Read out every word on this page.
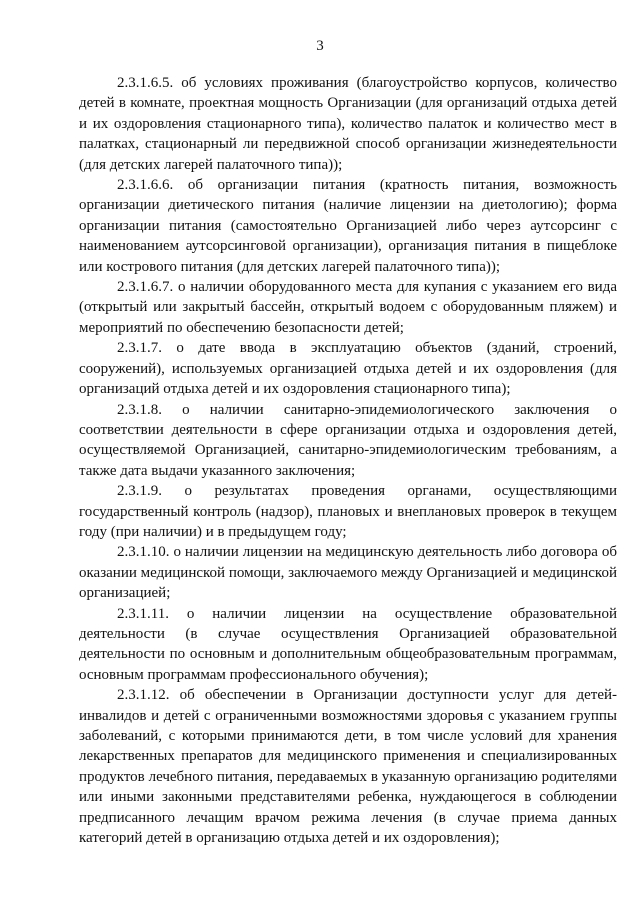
3

2.3.1.6.5. об условиях проживания (благоустройство корпусов, количество детей в комнате, проектная мощность Организации (для организаций отдыха детей и их оздоровления стационарного типа), количество палаток и количество мест в палатках, стационарный ли передвижной способ организации жизнедеятельности (для детских лагерей палаточного типа));

2.3.1.6.6. об организации питания (кратность питания, возможность организации диетического питания (наличие лицензии на диетологию); форма организации питания (самостоятельно Организацией либо через аутсорсинг с наименованием аутсорсинговой организации), организация питания в пищеблоке или кострового питания (для детских лагерей палаточного типа));

2.3.1.6.7. о наличии оборудованного места для купания с указанием его вида (открытый или закрытый бассейн, открытый водоем с оборудованным пляжем) и мероприятий по обеспечению безопасности детей;

2.3.1.7. о дате ввода в эксплуатацию объектов (зданий, строений, сооружений), используемых организацией отдыха детей и их оздоровления (для организаций отдыха детей и их оздоровления стационарного типа);

2.3.1.8. о наличии санитарно-эпидемиологического заключения о соответствии деятельности в сфере организации отдыха и оздоровления детей, осуществляемой Организацией, санитарно-эпидемиологическим требованиям, а также дата выдачи указанного заключения;

2.3.1.9. о результатах проведения органами, осуществляющими государственный контроль (надзор), плановых и внеплановых проверок в текущем году (при наличии) и в предыдущем году;

2.3.1.10. о наличии лицензии на медицинскую деятельность либо договора об оказании медицинской помощи, заключаемого между Организацией и медицинской организацией;

2.3.1.11. о наличии лицензии на осуществление образовательной деятельности (в случае осуществления Организацией образовательной деятельности по основным и дополнительным общеобразовательным программам, основным программам профессионального обучения);

2.3.1.12. об обеспечении в Организации доступности услуг для детей-инвалидов и детей с ограниченными возможностями здоровья с указанием группы заболеваний, с которыми принимаются дети, в том числе условий для хранения лекарственных препаратов для медицинского применения и специализированных продуктов лечебного питания, передаваемых в указанную организацию родителями или иными законными представителями ребенка, нуждающегося в соблюдении предписанного лечащим врачом режима лечения (в случае приема данных категорий детей в организацию отдыха детей и их оздоровления);
